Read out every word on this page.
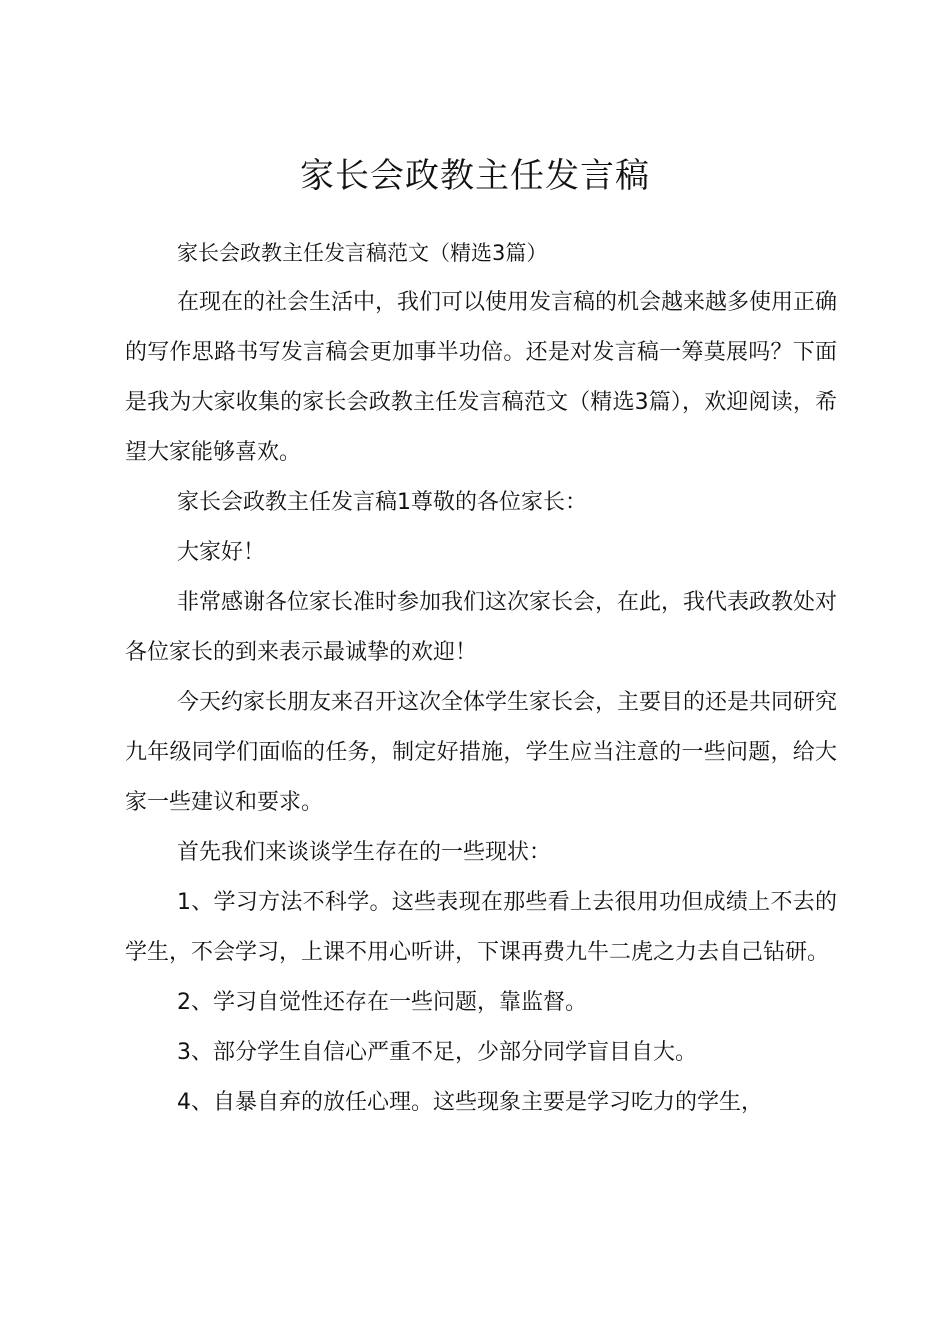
家长会政教主任发言稿

家长会政教主任发言稿范文（精选3篇）

在现在的社会生活中，我们可以使用发言稿的机会越来越多使用正确的写作思路书写发言稿会更加事半功倍。还是对发言稿一筹莫展吗？下面是我为大家收集的家长会政教主任发言稿范文（精选3篇），欢迎阅读，希望大家能够喜欢。

家长会政教主任发言稿1尊敬的各位家长：

大家好！

非常感谢各位家长准时参加我们这次家长会，在此，我代表政教处对各位家长的到来表示最诚挚的欢迎！

今天约家长朋友来召开这次全体学生家长会，主要目的还是共同研究九年级同学们面临的任务，制定好措施，学生应当注意的一些问题，给大家一些建议和要求。

首先我们来谈谈学生存在的一些现状：

1、学习方法不科学。这些表现在那些看上去很用功但成绩上不去的学生，不会学习，上课不用心听讲，下课再费九牛二虎之力去自己钻研。

2、学习自觉性还存在一些问题，靠监督。

3、部分学生自信心严重不足，少部分同学盲目自大。

4、自暴自弃的放任心理。这些现象主要是学习吃力的学生，
